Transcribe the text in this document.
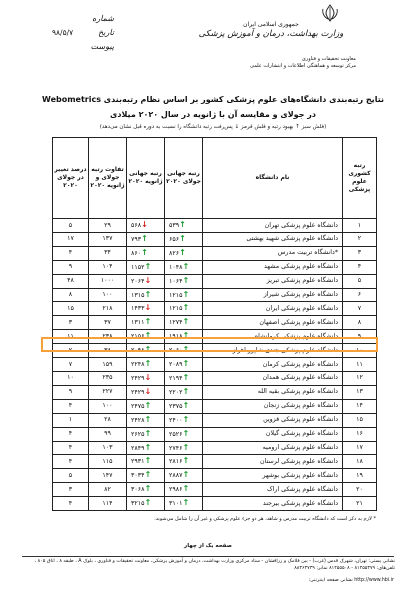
شماره
تاریخ
۹۸/۵/۷
پیوست
جمهوری اسلامی ایران
وزارت بهداشت، درمان و آموزش پزشکی
معاونت تحقیقات و فناوری
مرکز توسعه و هماهنگی اطلاعات و انتشارات علمی
نتایج رتبه‌بندی دانشگاه‌های علوم پزشکی کشور بر اساس نظام رتبه‌بندی Webometrics
در جولای و مقایسه آن با ژانویه در سال ۲۰۲۰ میلادی
(فلش سبز ↑ بهبود رتبه و فلش قرمز ↓ پس‌رفت رتبه دانشگاه را نسبت به دوره قبل نشان می‌دهد)
رتبه کشوری علوم پزشکی	نام دانشگاه	رتبه جهانی جولای ۲۰۲۰	رتبه جهانی ژانویه ۲۰۲۰	تفاوت رتبه جولای و ژانویه ۲۰۲۰	درصد تغییر در جولای ۲۰۲۰
۱	دانشگاه علوم پزشکی تهران	↑۵۳۹	↓۵۶۸	۲۹	۵
۲	دانشگاه علوم پزشکی شهید بهشتی	↑۶۵۶	↑۷۹۳	۱۳۷	۱۷
۳	*دانشگاه تربیت مدرس	↑۸۲۶	↑۸۶۰	۳۴	۴
۴	دانشگاه علوم پزشکی مشهد	↑۱۰۴۸	↑۱۱۵۲	۱۰۴	۹
۵	دانشگاه علوم پزشکی تبریز	↑۱۰۶۴	↓۲۰۶۴	۱۰۰۰	۴۸
۶	دانشگاه علوم پزشکی شیراز	↑۱۲۱۵	↑۱۳۱۵	۱۰۰	۸
۷	دانشگاه علوم پزشکی ایران	↑۱۲۱۵	↓۱۴۳۳	۲۱۸	۱۵
۸	دانشگاه علوم پزشکی اصفهان	↑۱۲۷۴	↑۱۳۱۱	۳۷	۳
۹	دانشگاه علوم پزشکی کرمانشاه	↑۱۹۱۸	↑۲۱۵۶	۲۳۸	۱۱
۱۰	دانشگاه علوم پزشکی جندی شاپور اهواز	↑۲۰۶۰	↑۲۰۹۸	۳۸	۲
۱۱	دانشگاه علوم پزشکی کرمان	↑۲۰۸۹	↑۲۲۴۸	۱۵۹	۷
۱۲	دانشگاه علوم پزشکی همدان	↑۲۱۹۴	↓۲۴۲۹	۲۳۵	۱۰
۱۳	دانشگاه علوم پزشکی بقیه الله	↑۲۲۰۲	↓۲۴۲۹	۲۲۷	۹
۱۴	دانشگاه علوم پزشکی زنجان	↑۲۳۷۵	↑۲۴۷۵	۱۰۰	۴
۱۵	دانشگاه علوم پزشکی قزوین	↑۲۴۰۰	↑۲۴۲۸	۲۸	۱
۱۶	دانشگاه علوم پزشکی گیلان	↑۲۵۲۶	↑۲۶۲۵	۹۹	۴
۱۷	دانشگاه علوم پزشکی ارومیه	↑۲۷۴۶	↑۲۸۴۹	۱۰۳	۴
۱۸	دانشگاه علوم پزشکی لرستان	↑۲۸۱۶	↑۲۹۳۱	۱۱۵	۴
۱۹	دانشگاه علوم پزشکی بوشهر	↑۲۸۸۷	↑۳۰۳۴	۱۴۷	۵
۲۰	دانشگاه علوم پزشکی اراک	↑۲۹۸۶	↑۳۰۶۸	۸۲	۳
۲۱	دانشگاه علوم پزشکی بیرجند	↑۳۱۰۱	↑۳۲۱۵	۱۱۴	۴
* لازم به ذکر است که دانشگاه تربیت مدرس و شاهد، هر دو جزء علوم پزشکی و غیر آن را شامل می‌شوند.
صفحه یک از چهار
نشانی پستی: تهران، شهرک قدس (غرب) - بین فلامک و زرافشان - ستاد مرکزی وزارت بهداشت، درمان و آموزش پزشکی، معاونت تحقیقات و فناوری ، بلوک A ، طبقه ۸ ، اتاق ۸۰۵ ، تلفن‌های: ۸۱۴۵۵۳۷۹ - ۸۱۴۵۵۵۰۸ نمابر: ۸۸۳۶۳۷۳۹
http://www.hbi.ir نشانی صفحه اینترنتی:
